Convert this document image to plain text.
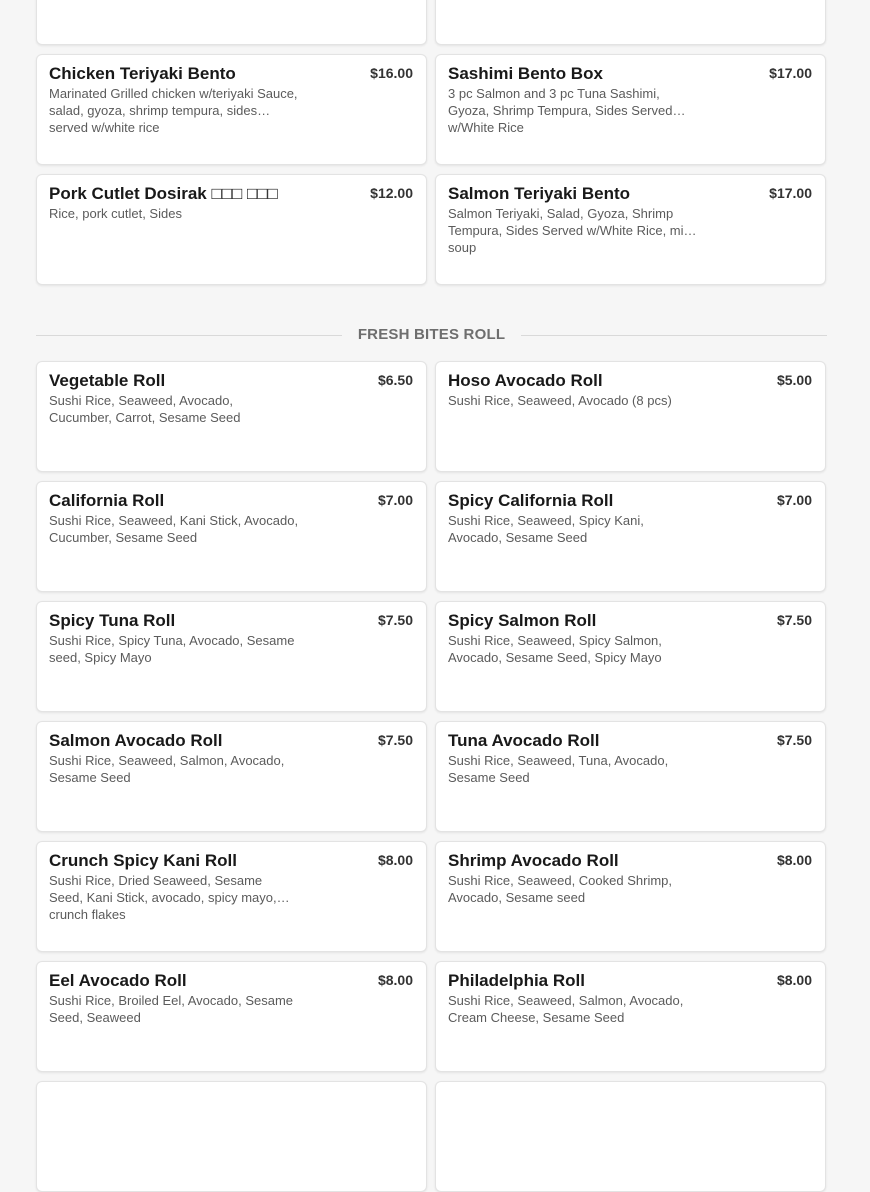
Chicken Teriyaki Bento	$16.00
Marinated Grilled chicken w/teriyaki Sauce, salad, gyoza, shrimp tempura, sides served w/white rice
Sashimi Bento Box	$17.00
3 pc Salmon and 3 pc Tuna Sashimi, Gyoza, Shrimp Tempura, Sides Served w/White Rice
Pork Cutlet Dosirak □□□ □□□	$12.00
Rice, pork cutlet, Sides
Salmon Teriyaki Bento	$17.00
Salmon Teriyaki, Salad, Gyoza, Shrimp Tempura, Sides Served w/White Rice, miso soup
FRESH BITES ROLL
Vegetable Roll	$6.50
Sushi Rice, Seaweed, Avocado, Cucumber, Carrot, Sesame Seed
Hoso Avocado Roll	$5.00
Sushi Rice, Seaweed, Avocado (8 pcs)
California Roll	$7.00
Sushi Rice, Seaweed, Kani Stick, Avocado, Cucumber, Sesame Seed
Spicy California Roll	$7.00
Sushi Rice, Seaweed, Spicy Kani, Avocado, Sesame Seed
Spicy Tuna Roll	$7.50
Sushi Rice, Spicy Tuna, Avocado, Sesame seed, Spicy Mayo
Spicy Salmon Roll	$7.50
Sushi Rice, Seaweed, Spicy Salmon, Avocado, Sesame Seed, Spicy Mayo
Salmon Avocado Roll	$7.50
Sushi Rice, Seaweed, Salmon, Avocado, Sesame Seed
Tuna Avocado Roll	$7.50
Sushi Rice, Seaweed, Tuna, Avocado, Sesame Seed
Crunch Spicy Kani Roll	$8.00
Sushi Rice, Dried Seaweed, Sesame Seed, Kani Stick, avocado, spicy mayo, crunch flakes
Shrimp Avocado Roll	$8.00
Sushi Rice, Seaweed, Cooked Shrimp, Avocado, Sesame seed
Eel Avocado Roll	$8.00
Sushi Rice, Broiled Eel, Avocado, Sesame Seed, Seaweed
Philadelphia Roll	$8.00
Sushi Rice, Seaweed, Salmon, Avocado, Cream Cheese, Sesame Seed
